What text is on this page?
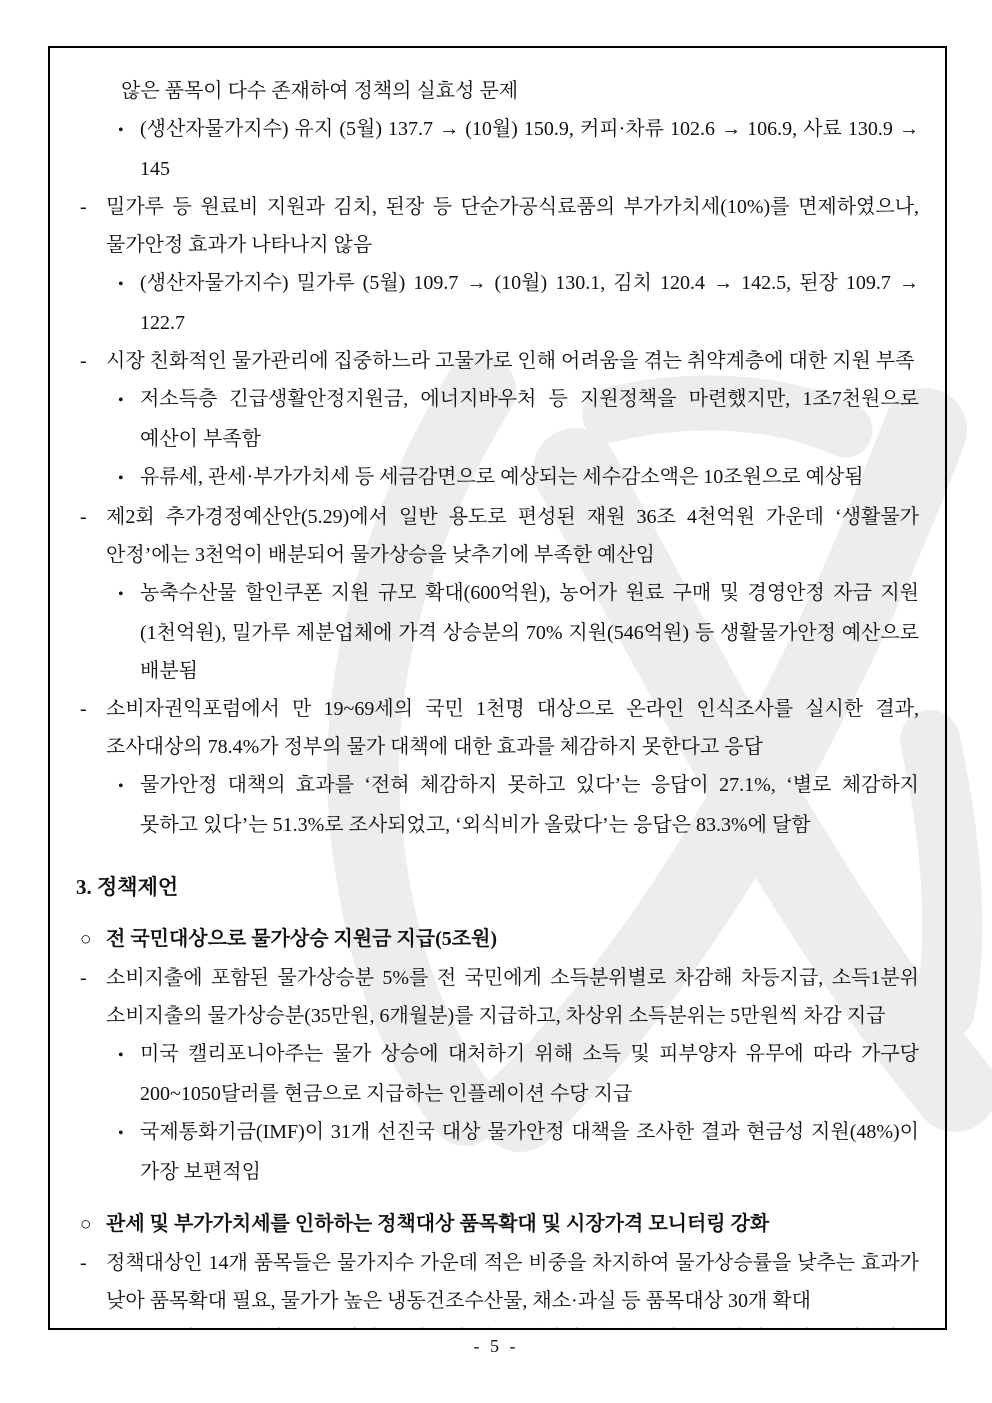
않은 품목이 다수 존재하여 정책의 실효성 문제

• (생산자물가지수) 유지 (5월) 137.7 → (10월) 150.9, 커피·차류 102.6 → 106.9, 사료 130.9 → 145

- 밀가루 등 원료비 지원과 김치, 된장 등 단순가공식료품의 부가가치세(10%)를 면제하였으나, 물가안정 효과가 나타나지 않음

• (생산자물가지수) 밀가루 (5월) 109.7 → (10월) 130.1, 김치 120.4 → 142.5, 된장 109.7 → 122.7

- 시장 친화적인 물가관리에 집중하느라 고물가로 인해 어려움을 겪는 취약계층에 대한 지원 부족

• 저소득층 긴급생활안정지원금, 에너지바우처 등 지원정책을 마련했지만, 1조7천원으로 예산이 부족함

• 유류세, 관세·부가가치세 등 세금감면으로 예상되는 세수감소액은 10조원으로 예상됨

- 제2회 추가경정예산안(5.29)에서 일반 용도로 편성된 재원 36조 4천억원 가운데 ‘생활물가 안정’에는 3천억이 배분되어 물가상승을 낮추기에 부족한 예산임

• 농축수산물 할인쿠폰 지원 규모 확대(600억원), 농어가 원료 구매 및 경영안정 자금 지원(1천억원), 밀가루 제분업체에 가격 상승분의 70% 지원(546억원) 등 생활물가안정 예산으로 배분됨

- 소비자권익포럼에서 만 19~69세의 국민 1천명 대상으로 온라인 인식조사를 실시한 결과, 조사대상의 78.4%가 정부의 물가 대책에 대한 효과를 체감하지 못한다고 응답

• 물가안정 대책의 효과를 ‘전혀 체감하지 못하고 있다’는 응답이 27.1%, ‘별로 체감하지 못하고 있다’는 51.3%로 조사되었고, ‘외식비가 올랐다’는 응답은 83.3%에 달함

3. 정책제언

○ 전 국민대상으로 물가상승 지원금 지급(5조원)

- 소비지출에 포함된 물가상승분 5%를 전 국민에게 소득분위별로 차감해 차등지급, 소득1분위 소비지출의 물가상승분(35만원, 6개월분)를 지급하고, 차상위 소득분위는 5만원씩 차감 지급

• 미국 캘리포니아주는 물가 상승에 대처하기 위해 소득 및 피부양자 유무에 따라 가구당 200~1050달러를 현금으로 지급하는 인플레이션 수당 지급

• 국제통화기금(IMF)이 31개 선진국 대상 물가안정 대책을 조사한 결과 현금성 지원(48%)이 가장 보편적임

○ 관세 및 부가가치세를 인하하는 정책대상 품목확대 및 시장가격 모니터링 강화

- 정책대상인 14개 품목들은 물가지수 가운데 적은 비중을 차지하여 물가상승률을 낮추는 효과가 낮아 품목확대 필요, 물가가 높은 냉동건조수산물, 채소·과실 등 품목대상 30개 확대

- 5 -
